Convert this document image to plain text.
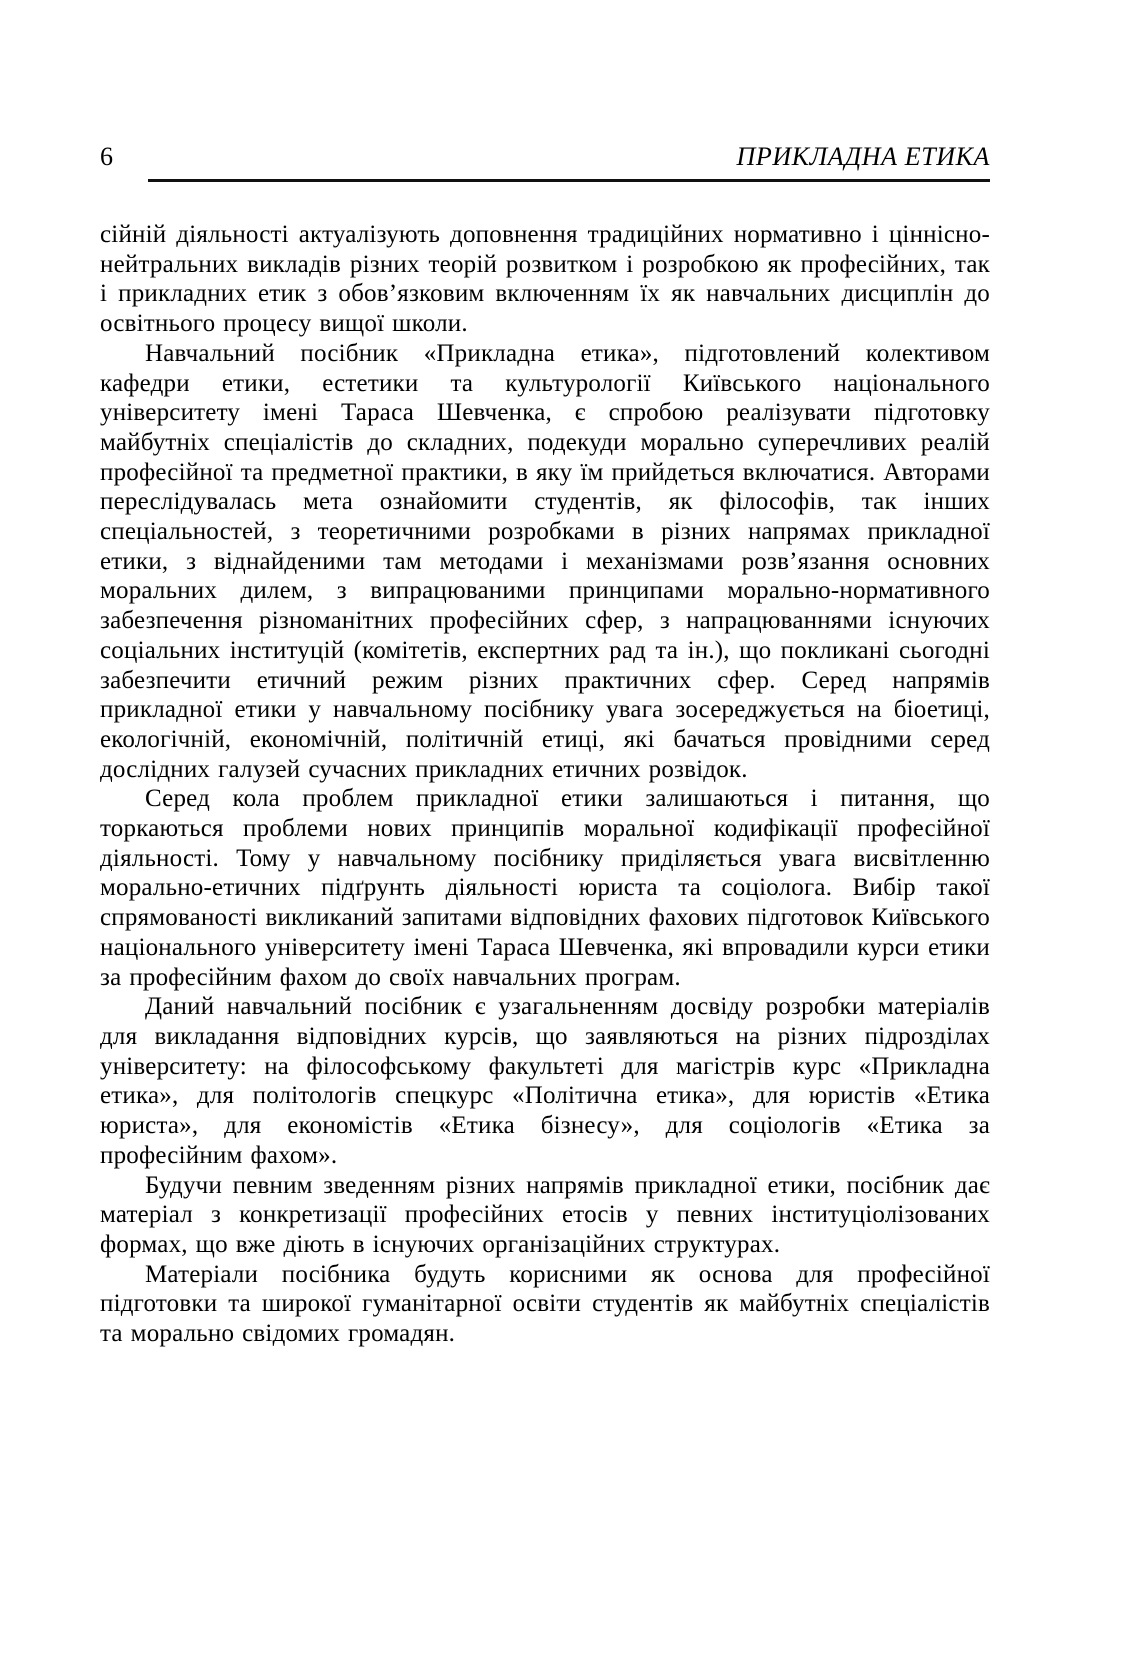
6	ПРИКЛАДНА ЕТИКА

сійній діяльності актуалізують доповнення традиційних нормативно і ціннісно-нейтральних викладів різних теорій розвитком і розробкою як професійних, так і прикладних етик з обов’язковим включенням їх як навчальних дисциплін до освітнього процесу вищої школи.

Навчальний посібник «Прикладна етика», підготовлений колективом кафедри етики, естетики та культурології Київського національного університету імені Тараса Шевченка, є спробою реалізувати підготовку майбутніх спеціалістів до складних, подекуди морально суперечливих реалій професійної та предметної практики, в яку їм прийдеться включатися. Авторами переслідувалась мета ознайомити студентів, як філософів, так інших спеціальностей, з теоретичними розробками в різних напрямах прикладної етики, з віднайденими там методами і механізмами розв’язання основних моральних дилем, з випрацюваними принципами морально-нормативного забезпечення різноманітних професійних сфер, з напрацюваннями існуючих соціальних інституцій (комітетів, експертних рад та ін.), що покликані сьогодні забезпечити етичний режим різних практичних сфер. Серед напрямів прикладної етики у навчальному посібнику увага зосереджується на біоетиці, екологічній, економічній, політичній етиці, які бачаться провідними серед дослідних галузей сучасних прикладних етичних розвідок.

Серед кола проблем прикладної етики залишаються і питання, що торкаються проблеми нових принципів моральної кодифікації професійної діяльності. Тому у навчальному посібнику приділяється увага висвітленню морально-етичних підґрунть діяльності юриста та соціолога. Вибір такої спрямованості викликаний запитами відповідних фахових підготовок Київського національного університету імені Тараса Шевченка, які впровадили курси етики за професійним фахом до своїх навчальних програм.

Даний навчальний посібник є узагальненням досвіду розробки матеріалів для викладання відповідних курсів, що заявляються на різних підрозділах університету: на філософському факультеті для магістрів курс «Прикладна етика», для політологів спецкурс «Політична етика», для юристів «Етика юриста», для економістів «Етика бізнесу», для соціологів «Етика за професійним фахом».

Будучи певним зведенням різних напрямів прикладної етики, посібник дає матеріал з конкретизації професійних етосів у певних інституціолізованих формах, що вже діють в існуючих організаційних структурах.

Матеріали посібника будуть корисними як основа для професійної підготовки та широкої гуманітарної освіти студентів як майбутніх спеціалістів та морально свідомих громадян.
